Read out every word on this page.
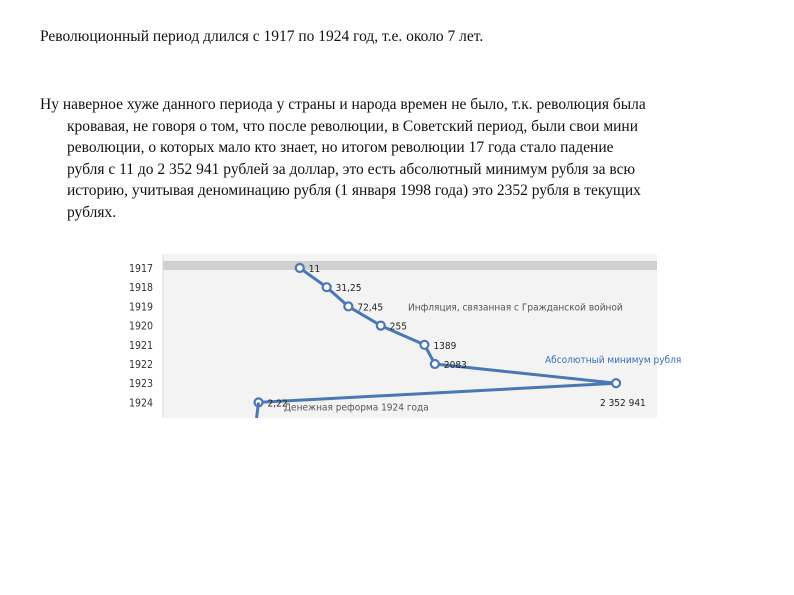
Революционный период длился с 1917 по 1924 год, т.е. около 7 лет.
Ну наверное хуже данного периода у страны и народа времен не было, т.к. революция была
кровавая, не говоря о том, что после революции, в Советский период, были свои мини
революции, о которых мало кто знает, но итогом революции 17 года стало падение
рубля с 11 до 2 352 941 рублей за доллар, это есть абсолютный минимум рубля за всю
историю, учитывая деноминацию рубля (1 января 1998 года) это 2352 рубля в текущих
рублях.
1917
1918
1919
1920
1921
1922
1923
1924
11
31,25
72,45
255
1389
2083
2 352 941
2,22
Инфляция, связанная с Гражданской войной
Абсолютный минимум рубля
Денежная реформа 1924 года
